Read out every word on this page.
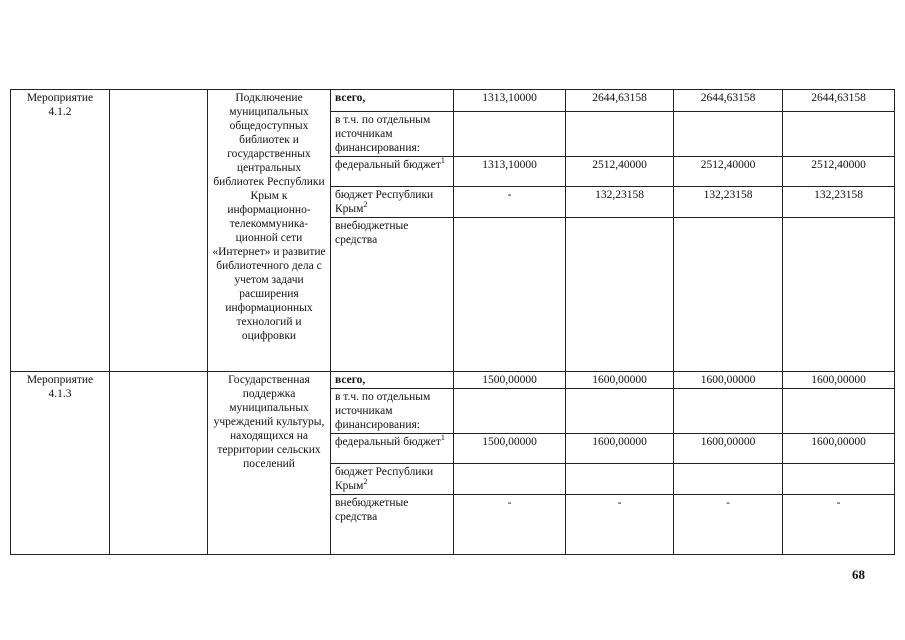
Мероприятие 4.1.2		Подключение муниципальных общедоступных библиотек и государственных центральных библиотек Республики Крым к информационно-телекоммуника-ционной сети «Интернет» и развитие библиотечного дела с учетом задачи расширения информационных технологий и оцифровки	всего,	1313,10000	2644,63158	2644,63158	2644,63158
			в т.ч. по отдельным источникам финансирования:				
			федеральный бюджет$^1$	1313,10000	2512,40000	2512,40000	2512,40000
			бюджет Республики Крым$^2$	-	132,23158	132,23158	132,23158
			внебюджетные средства				
Мероприятие 4.1.3		Государственная поддержка муниципальных учреждений культуры, находящихся на территории сельских поселений	всего,	1500,00000	1600,00000	1600,00000	1600,00000
			в т.ч. по отдельным источникам финансирования:				
			федеральный бюджет$^1$	1500,00000	1600,00000	1600,00000	1600,00000
			бюджет Республики Крым$^2$				
			внебюджетные средства	-	-	-	-
68
